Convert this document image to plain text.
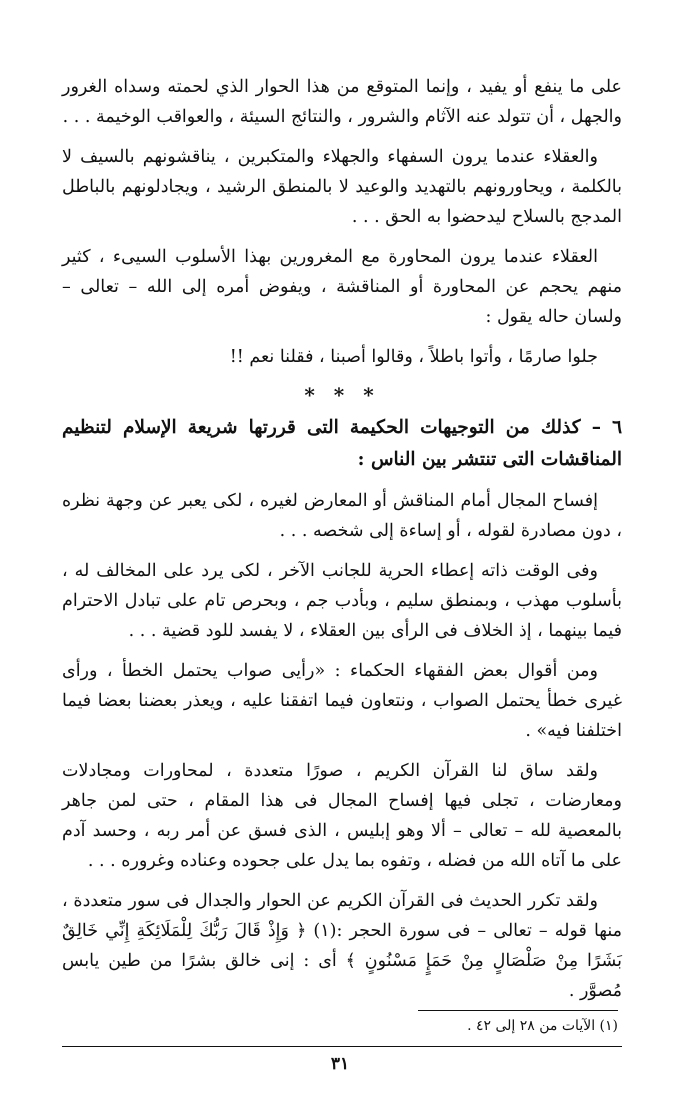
على ما ينفع أو يفيد ، وإنما المتوقع من هذا الحوار الذي لحمته وسداه الغرور والجهل ، أن تتولد عنه الآثام والشرور ، والنتائج السيئة ، والعواقب الوخيمة . . .

والعقلاء عندما يرون السفهاء والجهلاء والمتكبرين ، يناقشونهم بالسيف لا بالكلمة ، ويحاورونهم بالتهديد والوعيد لا بالمنطق الرشيد ، ويجادلونهم بالباطل المدجج بالسلاح ليدحضوا به الحق . . .

العقلاء عندما يرون المحاورة مع المغرورين بهذا الأسلوب السيىء ، كثير منهم يحجم عن المحاورة أو المناقشة ، ويفوض أمره إلى الله – تعالى – ولسان حاله يقول :

جلوا صارمًا ، وأتوا باطلاً ، وقالوا أصبنا ، فقلنا نعم !!

* * *

٦ – كذلك من التوجيهات الحكيمة التى قررتها شريعة الإسلام لتنظيم المناقشات التى تنتشر بين الناس :

إفساح المجال أمام المناقش أو المعارض لغيره ، لكى يعبر عن وجهة نظره ، دون مصادرة لقوله ، أو إساءة إلى شخصه . . .

وفى الوقت ذاته إعطاء الحرية للجانب الآخر ، لكى يرد على المخالف له ، بأسلوب مهذب ، وبمنطق سليم ، وبأدب جم ، وبحرص تام على تبادل الاحترام فيما بينهما ، إذ الخلاف فى الرأى بين العقلاء ، لا يفسد للود قضية . . .

ومن أقوال بعض الفقهاء الحكماء : «رأيى صواب يحتمل الخطأ ، ورأى غيرى خطأ يحتمل الصواب ، ونتعاون فيما اتفقنا عليه ، ويعذر بعضنا بعضا فيما اختلفنا فيه» .

ولقد ساق لنا القرآن الكريم ، صورًا متعددة ، لمحاورات ومجادلات ومعارضات ، تجلى فيها إفساح المجال فى هذا المقام ، حتى لمن جاهر بالمعصية لله – تعالى – ألا وهو إبليس ، الذى فسق عن أمر ربه ، وحسد آدم على ما آتاه الله من فضله ، وتفوه بما يدل على جحوده وعناده وغروره . . .

ولقد تكرر الحديث فى القرآن الكريم عن الحوار والجدال فى سور متعددة ، منها قوله – تعالى – فى سورة الحجر :(١) ﴿ وَإِذْ قَالَ رَبُّكَ لِلْمَلَائِكَةِ إِنِّي خَالِقٌ بَشَرًا مِنْ صَلْصَالٍ مِنْ حَمَإٍ مَسْنُونٍ ﴾ أى : إنى خالق بشرًا من طين يابس مُصوَّر .

(١) الآيات من ٢٨ إلى ٤٢ .
٣١
